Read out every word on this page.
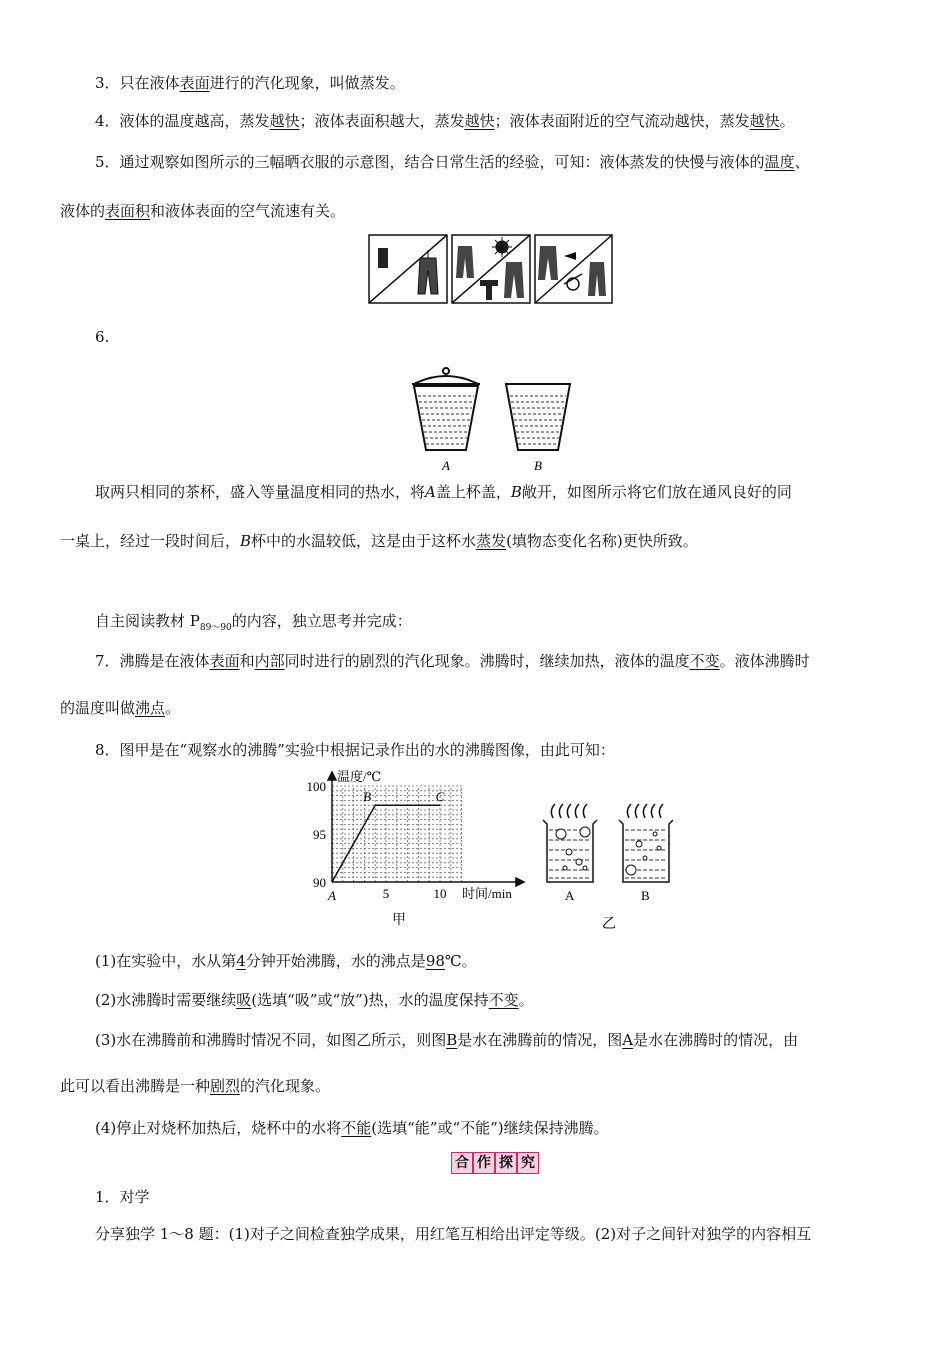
3．只在液体表面进行的汽化现象，叫做蒸发。
4．液体的温度越高，蒸发越快；液体表面积越大，蒸发越快；液体表面附近的空气流动越快，蒸发越快。
5．通过观察如图所示的三幅晒衣服的示意图，结合日常生活的经验，可知：液体蒸发的快慢与液体的温度、
液体的表面积和液体表面的空气流速有关。
6.
A	B
取两只相同的茶杯，盛入等量温度相同的热水，将A盖上杯盖，B敞开，如图所示将它们放在通风良好的同
一桌上，经过一段时间后，B杯中的水温较低，这是由于这杯水蒸发(填物态变化名称)更快所致。
自主阅读教材 $P_{89\sim 90}$的内容，独立思考并完成：
7．沸腾是在液体表面和内部同时进行的剧烈的汽化现象。沸腾时，继续加热，液体的温度不变。液体沸腾时
的温度叫做沸点。
8．图甲是在“观察水的沸腾”实验中根据记录作出的水的沸腾图像，由此可知：
温度/℃
时间/min
90
95
100
5	10
A
B	C
甲
A	B
乙
(1)在实验中，水从第4分钟开始沸腾，水的沸点是98℃。
(2)水沸腾时需要继续吸(选填“吸”或“放”)热，水的温度保持不变。
(3)水在沸腾前和沸腾时情况不同，如图乙所示，则图B是水在沸腾前的情况，图A是水在沸腾时的情况，由
此可以看出沸腾是一种剧烈的汽化现象。
(4)停止对烧杯加热后，烧杯中的水将不能(选填“能”或“不能”)继续保持沸腾。
合 作 探 究
1．对学
分享独学 1～8 题：(1)对子之间检查独学成果，用红笔互相给出评定等级。(2)对子之间针对独学的内容相互
